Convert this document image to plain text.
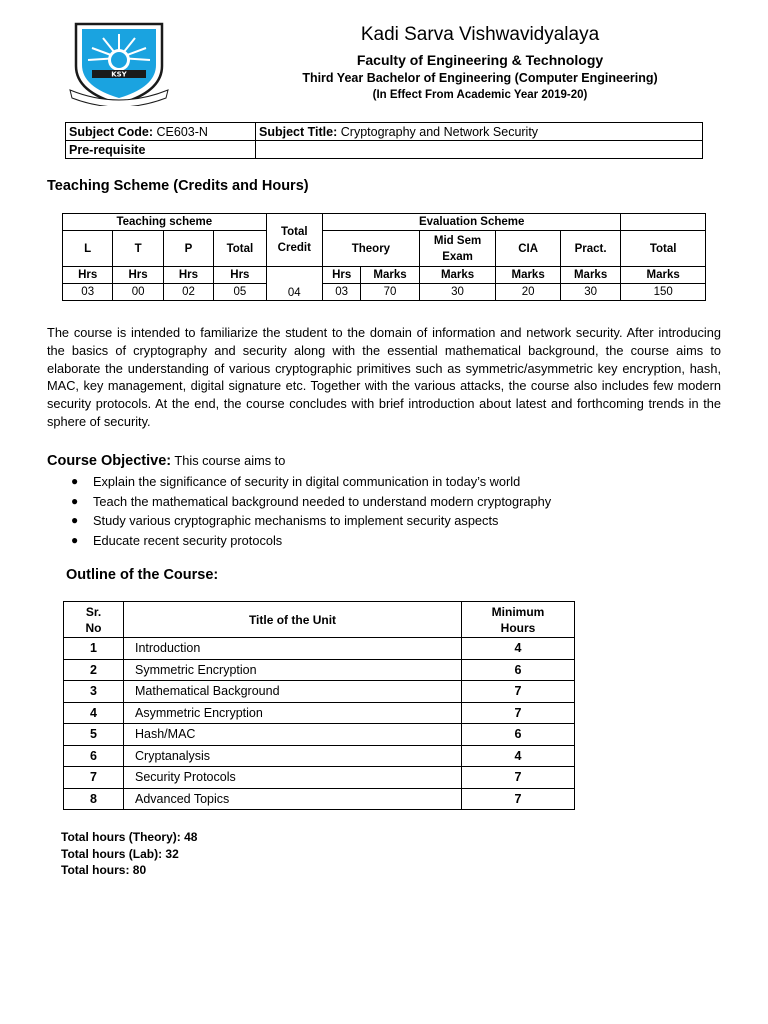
KSY
Kadi Sarva Vishwavidyalaya
Faculty of Engineering & Technology
Third Year Bachelor of Engineering (Computer Engineering)
(In Effect From Academic Year 2019-20)
Subject Code: CE603-N	Subject Title: Cryptography and Network Security
Pre-requisite	
Teaching Scheme (Credits and Hours)
Teaching scheme				Total Credit	Evaluation Scheme					
L	T	P	Total		Theory		Mid Sem Exam	CIA	Pract.	Total
Hrs	Hrs	Hrs	Hrs	04	Hrs	Marks	Marks	Marks	Marks	Marks
03	00	02	05		03	70	30	20	30	150
The course is intended to familiarize the student to the domain of information and network security. After introducing the basics of cryptography and security along with the essential mathematical background, the course aims to elaborate the understanding of various cryptographic primitives such as symmetric/asymmetric key encryption, hash, MAC, key management, digital signature etc. Together with the various attacks, the course also includes few modern security protocols. At the end, the course concludes with brief introduction about latest and forthcoming trends in the sphere of security.
Course Objective: This course aims to
● Explain the significance of security in digital communication in today’s world
● Teach the mathematical background needed to understand modern cryptography
● Study various cryptographic mechanisms to implement security aspects
● Educate recent security protocols
Outline of the Course:
Sr.
No	Title of the Unit	Minimum
Hours
1	Introduction	4
2	Symmetric Encryption	6
3	Mathematical Background	7
4	Asymmetric Encryption	7
5	Hash/MAC	6
6	Cryptanalysis	4
7	Security Protocols	7
8	Advanced Topics	7
Total hours (Theory): 48
Total hours (Lab): 32
Total hours: 80
